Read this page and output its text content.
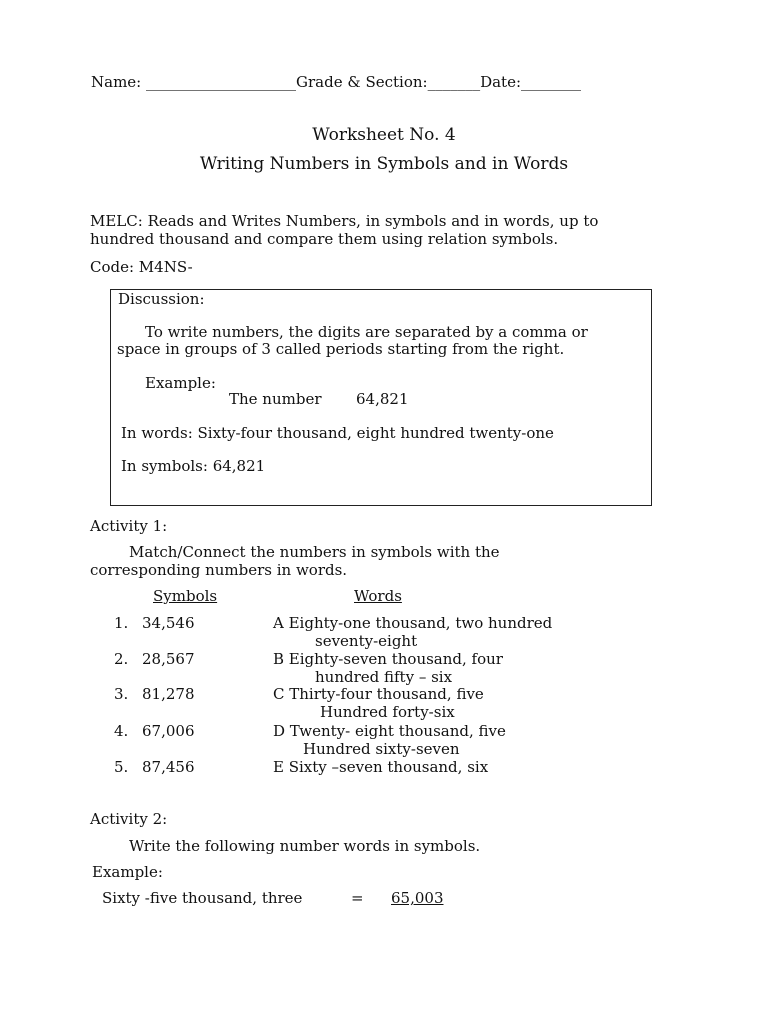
Name: ____________________Grade & Section:_______Date:________
Worksheet No. 4
Writing Numbers in Symbols and in Words
MELC: Reads and Writes Numbers, in symbols and in words, up to
hundred thousand and compare them using relation symbols.
Code: M4NS-
Discussion:
To write numbers, the digits are separated by a comma or
space in groups of 3 called periods starting from the right.
Example:
The number 64,821
In words: Sixty-four thousand, eight hundred twenty-one
In symbols: 64,821
Activity 1:
Match/Connect the numbers in symbols with the
corresponding numbers in words.
Symbols	Words
1. 34,546	A Eighty-one thousand, two hundred
seventy-eight
2. 28,567	B Eighty-seven thousand, four
hundred fifty – six
3. 81,278	C Thirty-four thousand, five
Hundred forty-six
4. 67,006	D Twenty- eight thousand, five
Hundred sixty-seven
5. 87,456	E Sixty –seven thousand, six
Activity 2:
Write the following number words in symbols.
Example:
Sixty -five thousand, three	= 65,003
